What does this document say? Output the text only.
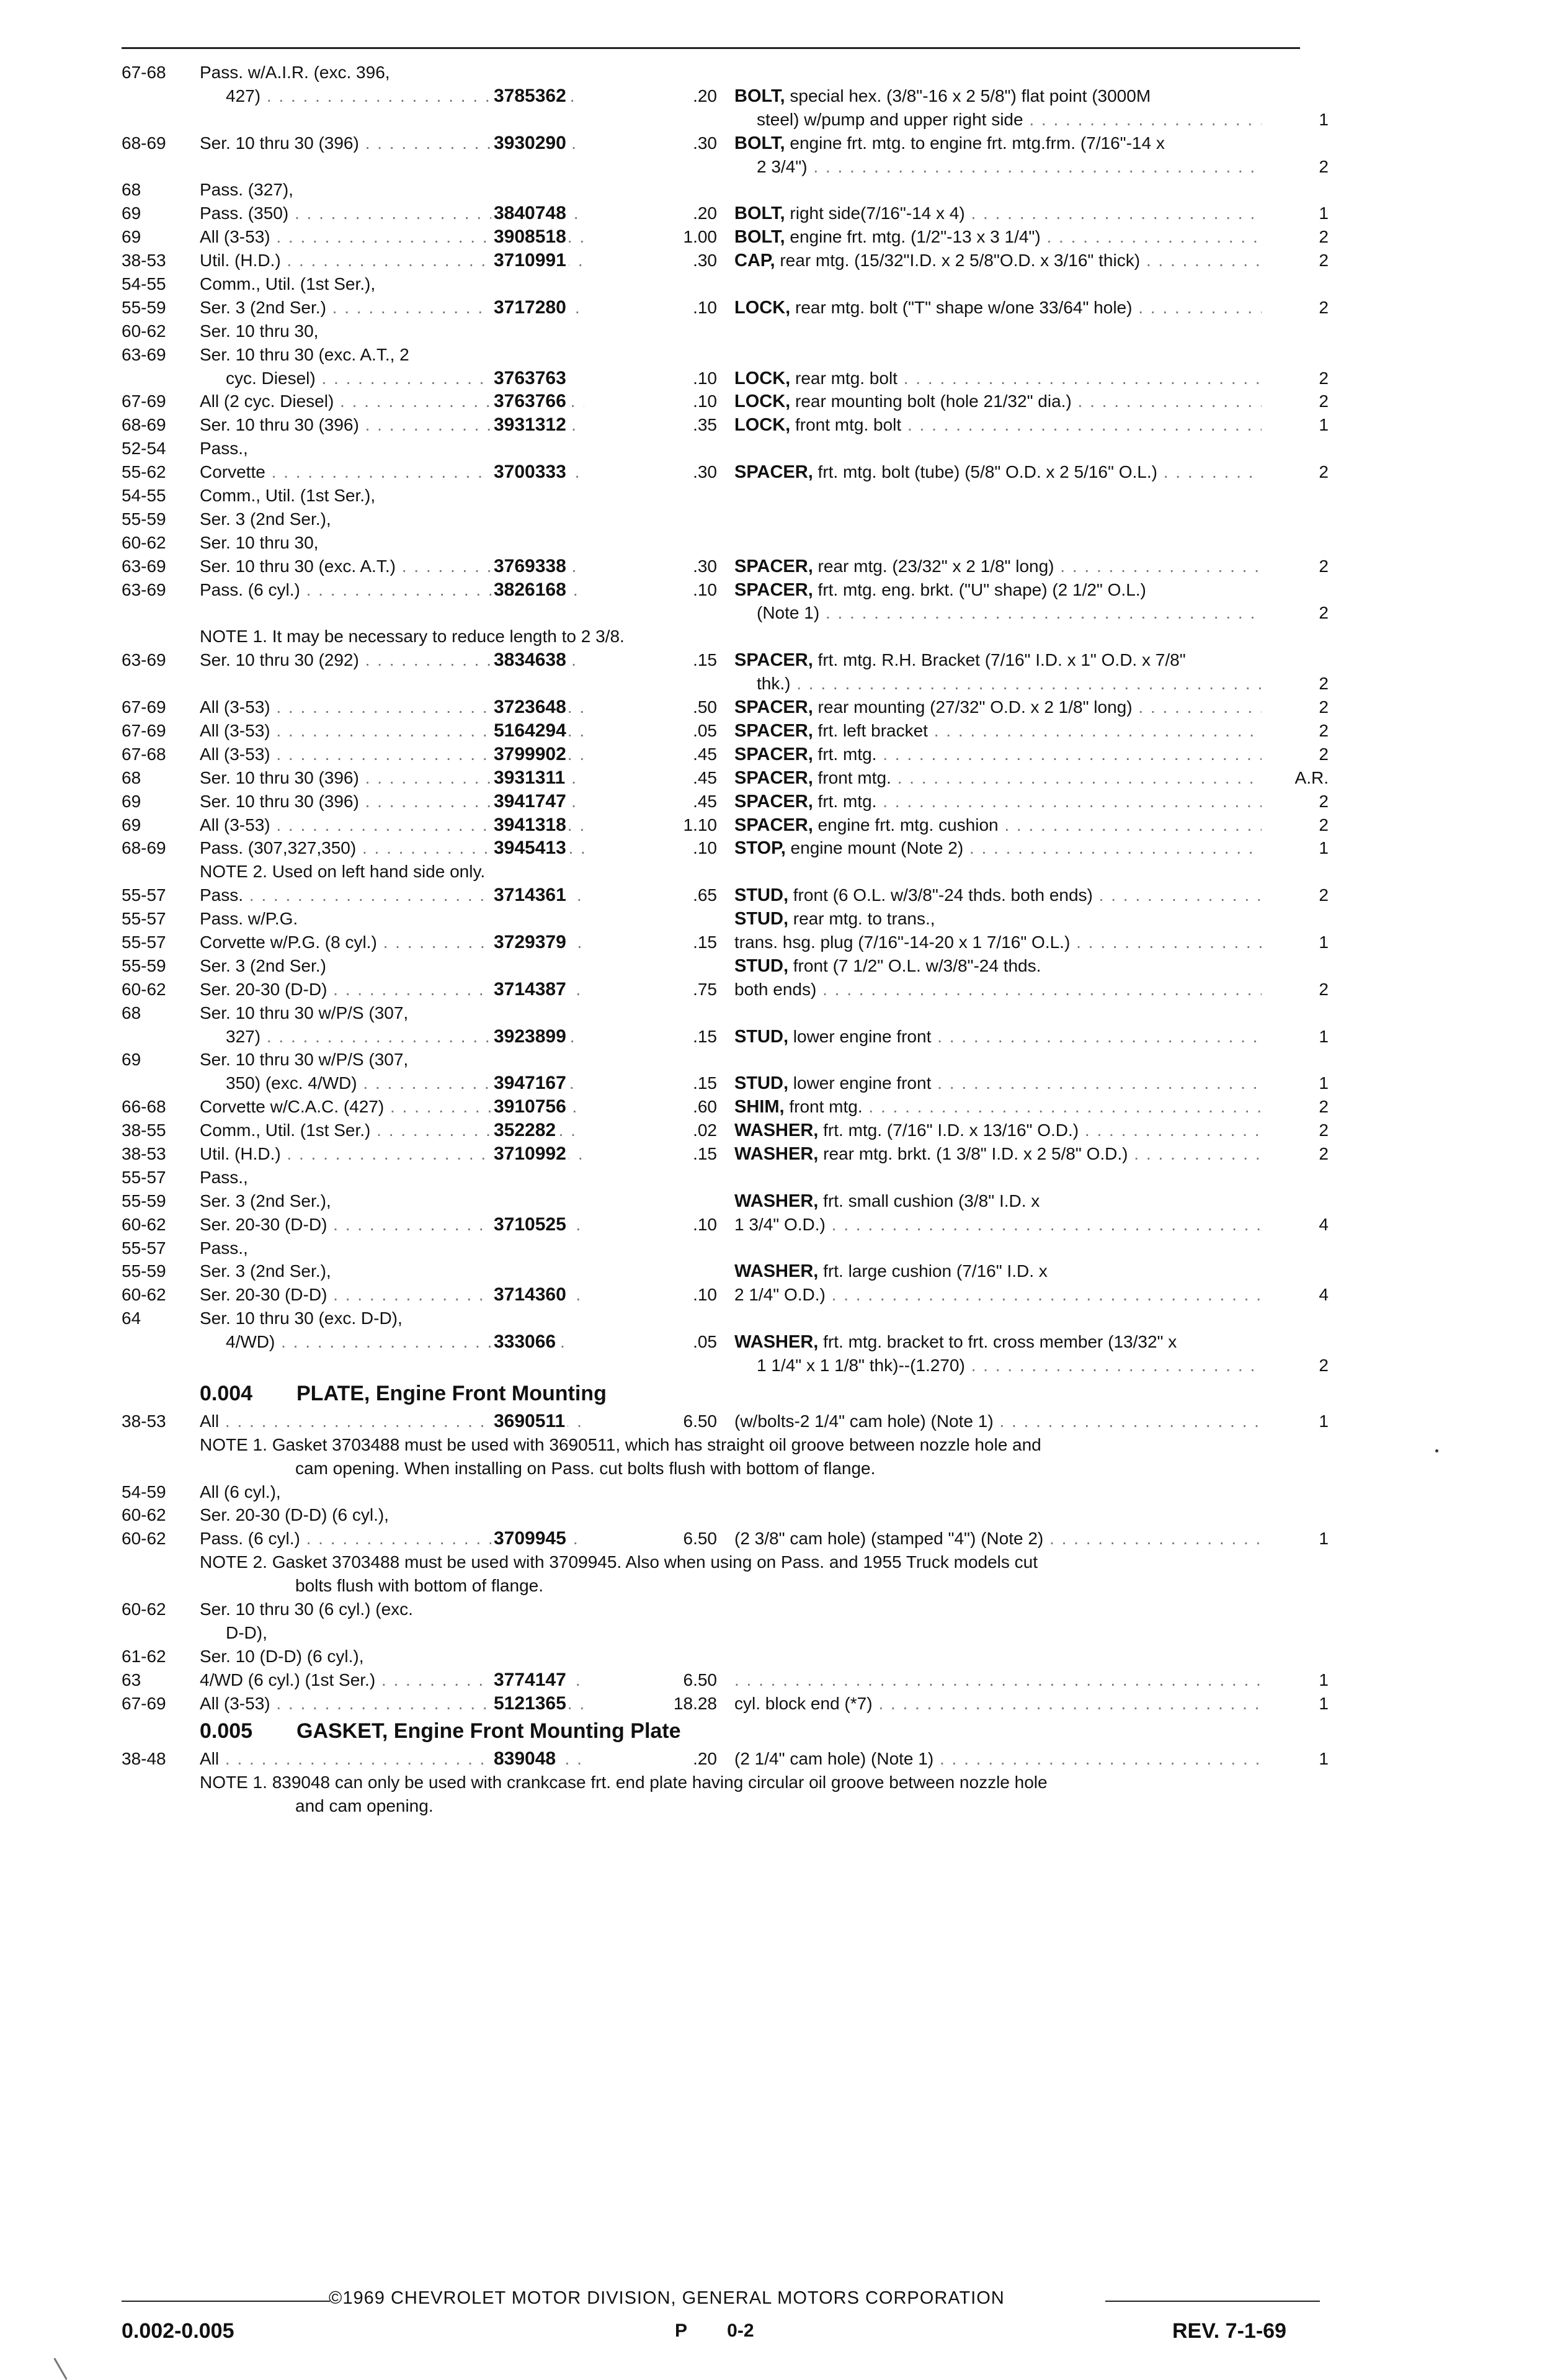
67-68 Pass. w/A.I.R. (exc. 396,
427) . . .	3785362	.20 BOLT, special hex. (3/8"-16 x 2 5/8") flat point (3000M
steel) w/pump and upper right side . . .	1
68-69 Ser. 10 thru 30 (396) . . .	3930290	.30 BOLT, engine frt. mtg. to engine frt. mtg.frm. (7/16"-14 x
2 3/4") . . .	2
68	Pass. (327),
69	Pass. (350) . . .	3840748	.20 BOLT, right side(7/16"-14 x 4) . . .	1
69	All (3-53) . . .	3908518	1.00 BOLT, engine frt. mtg. (1/2"-13 x 3 1/4") . . .	2
38-53 Util. (H.D.) . . .	3710991	.30 CAP, rear mtg. (15/32"I.D. x 2 5/8"O.D. x 3/16" thick) . . .	2
54-55 Comm., Util. (1st Ser.),
55-59 Ser. 3 (2nd Ser.) . . .	3717280	.10 LOCK, rear mtg. bolt ("T" shape w/one 33/64" hole) . . .	2
60-62 Ser. 10 thru 30,
63-69 Ser. 10 thru 30 (exc. A.T., 2
cyc. Diesel) . . .	3763763	.10 LOCK, rear mtg. bolt . . .	2
67-69 All (2 cyc. Diesel) . . .	3763766	.10 LOCK, rear mounting bolt (hole 21/32" dia.) . . .	2
68-69 Ser. 10 thru 30 (396) . . .	3931312	.35 LOCK, front mtg. bolt . . .	1
52-54 Pass.,
55-62 Corvette . . .	3700333	.30 SPACER, frt. mtg. bolt (tube) (5/8" O.D. x 2 5/16" O.L.) . . .	2
54-55 Comm., Util. (1st Ser.),
55-59 Ser. 3 (2nd Ser.),
60-62 Ser. 10 thru 30,
63-69 Ser. 10 thru 30 (exc. A.T.) . . .	3769338	.30 SPACER, rear mtg. (23/32" x 2 1/8" long) . . .	2
63-69 Pass. (6 cyl.) . . .	3826168	.10 SPACER, frt. mtg. eng. brkt. ("U" shape) (2 1/2" O.L.)
(Note 1) . . .	2
NOTE 1. It may be necessary to reduce length to 2 3/8.
63-69 Ser. 10 thru 30 (292) . . .	3834638	.15 SPACER, frt. mtg. R.H. Bracket (7/16" I.D. x 1" O.D. x 7/8"
thk.) . . .	2
67-69 All (3-53) . . .	3723648	.50 SPACER, rear mounting (27/32" O.D. x 2 1/8" long) . . .	2
67-69 All (3-53) . . .	5164294	.05 SPACER, frt. left bracket . . .	2
67-68 All (3-53) . . .	3799902	.45 SPACER, frt. mtg. . . .	2
68	Ser. 10 thru 30 (396) . . .	3931311	.45 SPACER, front mtg. . . .	A.R.
69	Ser. 10 thru 30 (396) . . .	3941747	.45 SPACER, frt. mtg. . . .	2
69	All (3-53) . . .	3941318	1.10 SPACER, engine frt. mtg. cushion . . .	2
68-69 Pass. (307,327,350) . . .	3945413	.10 STOP, engine mount (Note 2) . . .	1
NOTE 2. Used on left hand side only.
55-57 Pass. . . .	3714361	.65 STUD, front (6 O.L. w/3/8"-24 thds. both ends) . . .	2
55-57 Pass. w/P.G.	STUD, rear mtg. to trans.,
55-57 Corvette w/P.G. (8 cyl.) . . .	3729379	.15 trans. hsg. plug (7/16"-14-20 x 1 7/16" O.L.) . . .	1
55-59 Ser. 3 (2nd Ser.)	STUD, front (7 1/2" O.L. w/3/8"-24 thds.
60-62 Ser. 20-30 (D-D) . . .	3714387	.75 both ends) . . .	2
68	Ser. 10 thru 30 w/P/S (307,
327) . . .	3923899	.15 STUD, lower engine front . . .	1
69	Ser. 10 thru 30 w/P/S (307,
350) (exc. 4/WD) . . .	3947167	.15 STUD, lower engine front . . .	1
66-68 Corvette w/C.A.C. (427) . . .	3910756	.60 SHIM, front mtg. . . .	2
38-55 Comm., Util. (1st Ser.) . . .	352282	.02 WASHER, frt. mtg. (7/16" I.D. x 13/16" O.D.) . . .	2
38-53 Util. (H.D.) . . .	3710992	.15 WASHER, rear mtg. brkt. (1 3/8" I.D. x 2 5/8" O.D.) . . .	2
55-57 Pass.,
55-59 Ser. 3 (2nd Ser.),	WASHER, frt. small cushion (3/8" I.D. x
60-62 Ser. 20-30 (D-D) . . .	3710525	.10 1 3/4" O.D.) . . .	4
55-57 Pass.,
55-59 Ser. 3 (2nd Ser.),	WASHER, frt. large cushion (7/16" I.D. x
60-62 Ser. 20-30 (D-D) . . .	3714360	.10 2 1/4" O.D.) . . .	4
64	Ser. 10 thru 30 (exc. D-D),
4/WD) . . .	333066	.05 WASHER, frt. mtg. bracket to frt. cross member (13/32" x
1 1/4" x 1 1/8" thk)--(1.270) . . .	2
0.004 PLATE, Engine Front Mounting
38-53 All . . .	3690511	6.50 (w/bolts-2 1/4" cam hole) (Note 1) . . .	1
NOTE 1. Gasket 3703488 must be used with 3690511, which has straight oil groove between nozzle hole and
cam opening. When installing on Pass. cut bolts flush with bottom of flange.
54-59 All (6 cyl.),
60-62 Ser. 20-30 (D-D) (6 cyl.),
60-62 Pass. (6 cyl.) . . .	3709945	6.50 (2 3/8" cam hole) (stamped "4") (Note 2) . . .	1
NOTE 2. Gasket 3703488 must be used with 3709945. Also when using on Pass. and 1955 Truck models cut
bolts flush with bottom of flange.
60-62 Ser. 10 thru 30 (6 cyl.) (exc.
D-D),
61-62 Ser. 10 (D-D) (6 cyl.),
63	4/WD (6 cyl.) (1st Ser.) . . .	3774147	6.50 . . .	1
67-69 All (3-53) . . .	5121365	18.28 cyl. block end (*7) . . .	1
0.005 GASKET, Engine Front Mounting Plate
38-48 All . . .	839048	.20 (2 1/4" cam hole) (Note 1) . . .	1
NOTE 1. 839048 can only be used with crankcase frt. end plate having circular oil groove between nozzle hole
and cam opening.
©1969 CHEVROLET MOTOR DIVISION, GENERAL MOTORS CORPORATION
0.002-0.005	P 0-2	REV. 7-1-69
